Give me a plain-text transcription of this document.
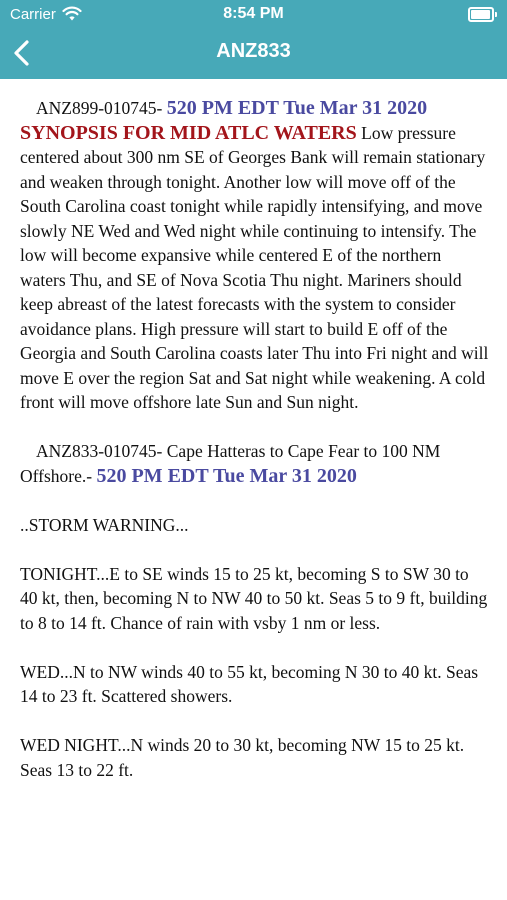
Carrier	8:54 PM
ANZ833

ANZ899-010745- 520 PM EDT Tue Mar 31 2020
SYNOPSIS FOR MID ATLC WATERS Low pressure centered about 300 nm SE of Georges Bank will remain stationary and weaken through tonight. Another low will move off of the South Carolina coast tonight while rapidly intensifying, and move slowly NE Wed and Wed night while continuing to intensify. The low will become expansive while centered E of the northern waters Thu, and SE of Nova Scotia Thu night. Mariners should keep abreast of the latest forecasts with the system to consider avoidance plans. High pressure will start to build E off of the Georgia and South Carolina coasts later Thu into Fri night and will move E over the region Sat and Sat night while weakening. A cold front will move offshore late Sun and Sun night.

ANZ833-010745- Cape Hatteras to Cape Fear to 100 NM Offshore.- 520 PM EDT Tue Mar 31 2020

..STORM WARNING...

TONIGHT...E to SE winds 15 to 25 kt, becoming S to SW 30 to 40 kt, then, becoming N to NW 40 to 50 kt. Seas 5 to 9 ft, building to 8 to 14 ft. Chance of rain with vsby 1 nm or less.

WED...N to NW winds 40 to 55 kt, becoming N 30 to 40 kt. Seas 14 to 23 ft. Scattered showers.

WED NIGHT...N winds 20 to 30 kt, becoming NW 15 to 25 kt. Seas 13 to 22 ft.
